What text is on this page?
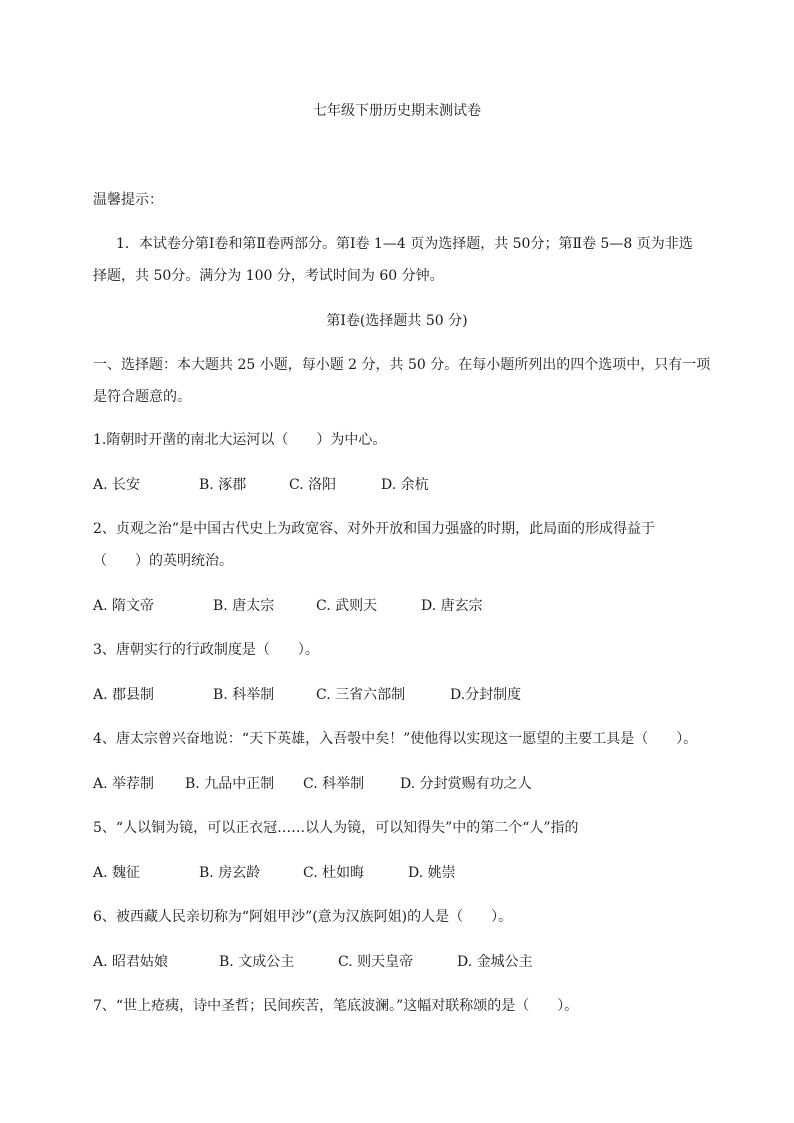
七年级下册历史期末测试卷
温馨提示：
1．本试卷分第Ⅰ卷和第Ⅱ卷两部分。第Ⅰ卷 1—4 页为选择题，共 50分；第Ⅱ卷 5—8 页为非选
择题，共 50分。满分为 100 分，考试时间为 60 分钟。
第Ⅰ卷(选择题共 50 分)
一、选择题：本大题共 25 小题，每小题 2 分，共 50 分。在每小题所列出的四个选项中，只有一项
是符合题意的。
1.隋朝时开凿的南北大运河以（　　）为中心。
A. 长安	B. 涿郡	C. 洛阳	D. 余杭
2、贞观之治”是中国古代史上为政宽容、对外开放和国力强盛的时期，此局面的形成得益于
（　　）的英明统治。
A. 隋文帝	B. 唐太宗	C. 武则天	D. 唐玄宗
3、唐朝实行的行政制度是（　　）。
A. 郡县制	B. 科举制	C. 三省六部制	D.分封制度
4、唐太宗曾兴奋地说：“天下英雄，入吾彀中矣！”使他得以实现这一愿望的主要工具是（　　）。
A. 举荐制 B. 九品中正制 C. 科举制	D. 分封赏赐有功之人
5、“人以铜为镜，可以正衣冠……以人为镜，可以知得失”中的第二个“人”指的
A. 魏征	B. 房玄龄	C. 杜如晦	D. 姚崇
6、被西藏人民亲切称为“阿姐甲沙”(意为汉族阿姐)的人是（　　）。
A. 昭君姑娘	B. 文成公主	C. 则天皇帝	D. 金城公主
7、“世上疮痍，诗中圣哲；民间疾苦，笔底波澜。”这幅对联称颂的是（　　）。
